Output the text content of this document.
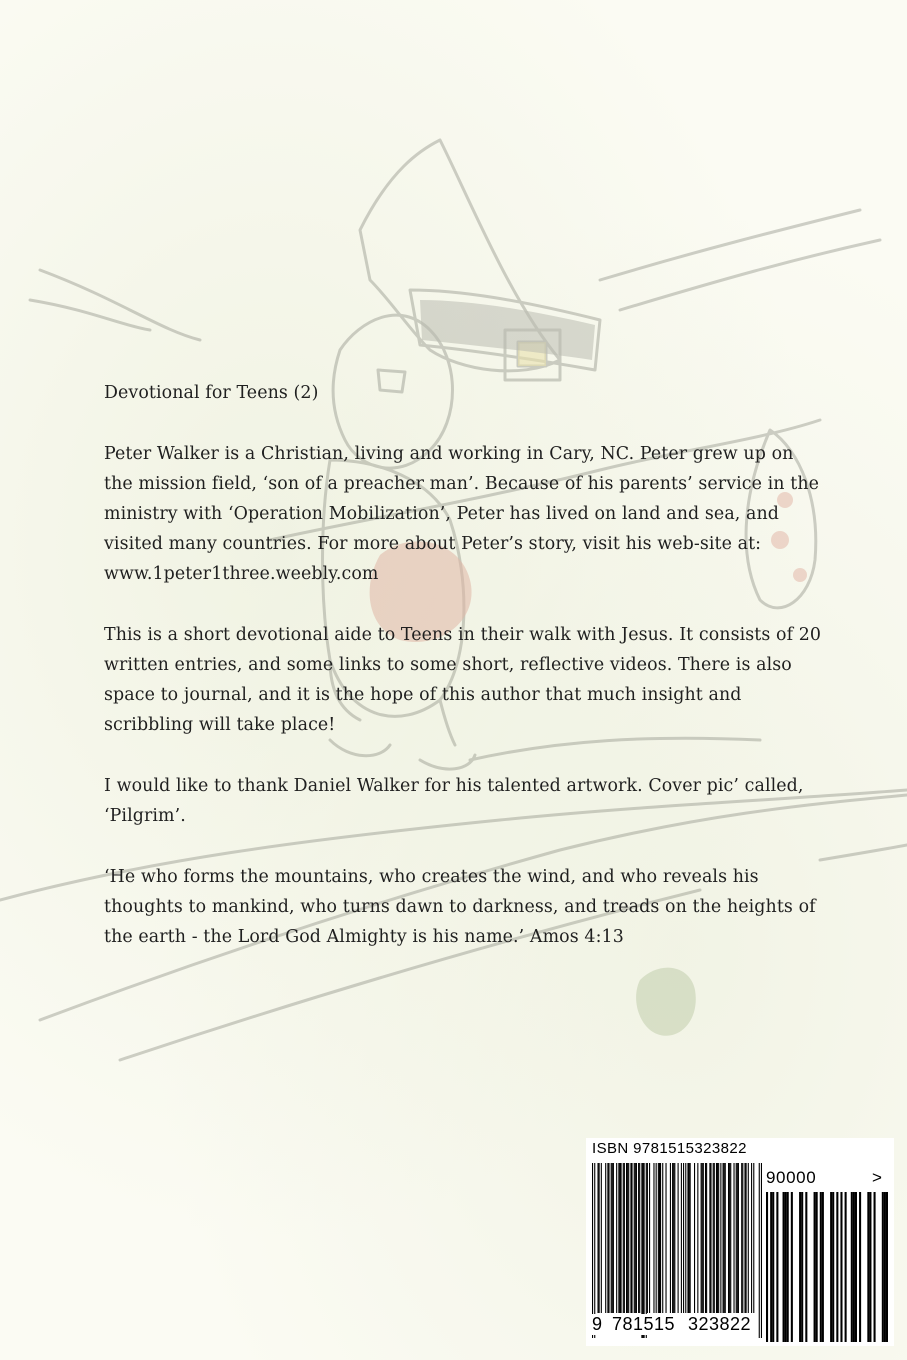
Devotional for Teens (2)

Peter Walker is a Christian, living and working in Cary, NC. Peter grew up on the mission field, ‘son of a preacher man’. Because of his parents’ service in the ministry with ‘Operation Mobilization’, Peter has lived on land and sea, and visited many countries. For more about Peter’s story, visit his web-site at: www.1peter1three.weebly.com

This is a short devotional aide to Teens in their walk with Jesus. It consists of 20 written entries, and some links to some short, reflective videos. There is also space to journal, and it is the hope of this author that much insight and scribbling will take place!

I would like to thank Daniel Walker for his talented artwork. Cover pic’ called, ‘Pilgrim’.

‘He who forms the mountains, who creates the wind, and who reveals his thoughts to mankind, who turns dawn to darkness, and treads on the heights of the earth - the Lord God Almighty is his name.’ Amos 4:13

ISBN 9781515323822
90000	>
9 781515 323822
